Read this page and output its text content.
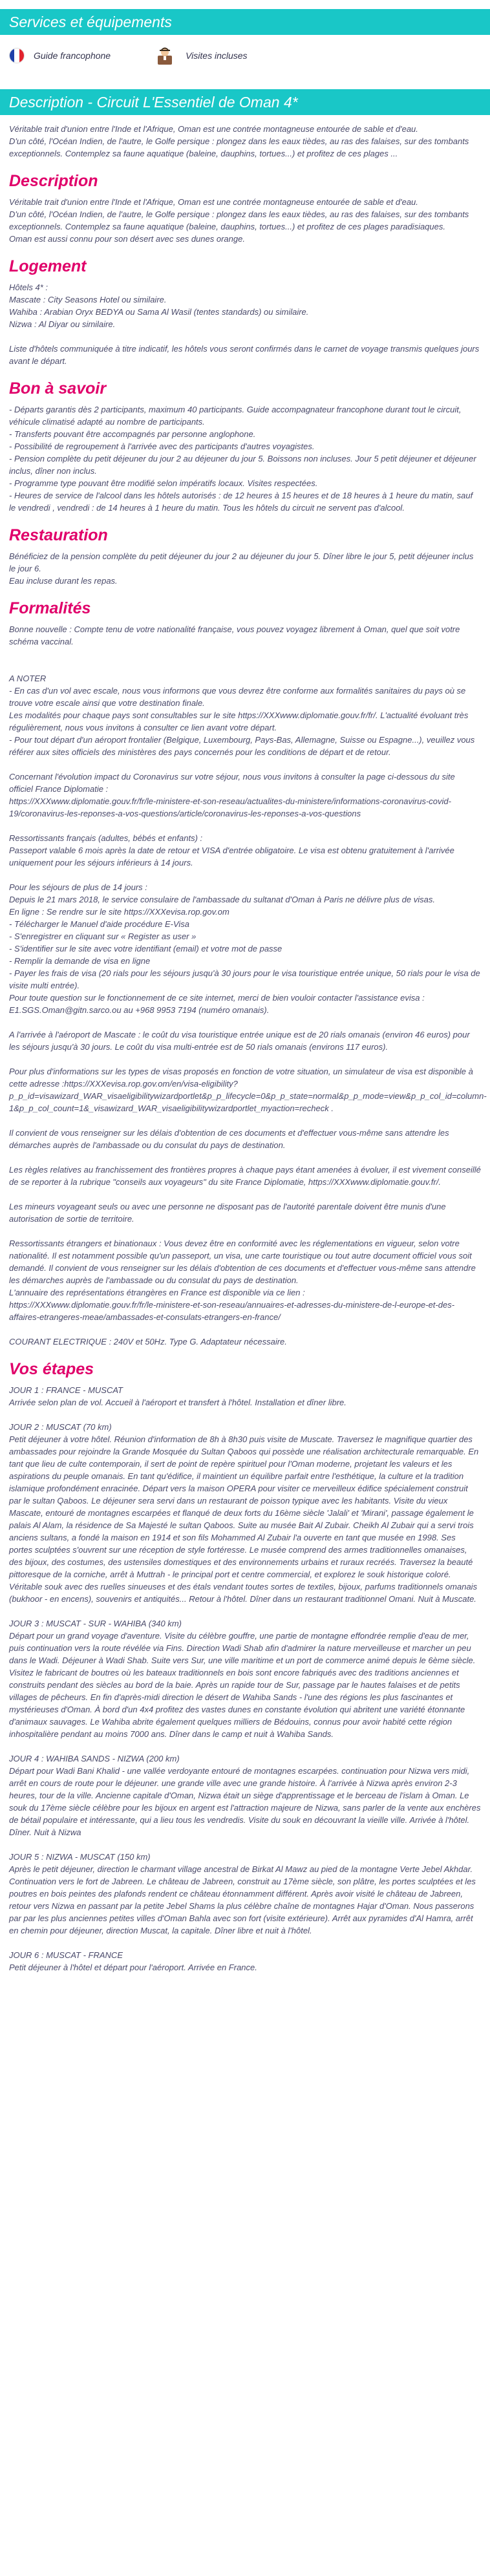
Services et équipements
Guide francophone	Visites incluses
Description - Circuit L'Essentiel de Oman 4*

Véritable trait d'union entre l'Inde et l'Afrique, Oman est une contrée montagneuse entourée de sable et d'eau.
D'un côté, l'Océan Indien, de l'autre, le Golfe persique : plongez dans les eaux tièdes, au ras des falaises, sur des tombants exceptionnels. Contemplez sa faune aquatique (baleine, dauphins, tortues...) et profitez de ces plages ...

Description

Véritable trait d'union entre l'Inde et l'Afrique, Oman est une contrée montagneuse entourée de sable et d'eau.
D'un côté, l'Océan Indien, de l'autre, le Golfe persique : plongez dans les eaux tièdes, au ras des falaises, sur des tombants exceptionnels. Contemplez sa faune aquatique (baleine, dauphins, tortues...) et profitez de ces plages paradisiaques.
Oman est aussi connu pour son désert avec ses dunes orange.

Logement

Hôtels 4* :
Mascate : City Seasons Hotel ou similaire.
Wahiba : Arabian Oryx BEDYA ou Sama Al Wasil (tentes standards) ou similaire.
Nizwa : Al Diyar ou similaire.

Liste d'hôtels communiquée à titre indicatif, les hôtels vous seront confirmés dans le carnet de voyage transmis quelques jours avant le départ.

Bon à savoir

- Départs garantis dès 2 participants, maximum 40 participants. Guide accompagnateur francophone durant tout le circuit, véhicule climatisé adapté au nombre de participants.
- Transferts pouvant être accompagnés par personne anglophone.
- Possibilité de regroupement à l'arrivée avec des participants d'autres voyagistes.
- Pension complète du petit déjeuner du jour 2 au déjeuner du jour 5. Boissons non incluses. Jour 5 petit déjeuner et déjeuner inclus, dîner non inclus.
- Programme type pouvant être modifié selon impératifs locaux. Visites respectées.
- Heures de service de l'alcool dans les hôtels autorisés : de 12 heures à 15 heures et de 18 heures à 1 heure du matin, sauf le vendredi , vendredi : de 14 heures à 1 heure du matin. Tous les hôtels du circuit ne servent pas d'alcool.

Restauration

Bénéficiez de la pension complète du petit déjeuner du jour 2 au déjeuner du jour 5. Dîner libre le jour 5, petit déjeuner inclus le jour 6.
Eau incluse durant les repas.

Formalités

Bonne nouvelle : Compte tenu de votre nationalité française, vous pouvez voyagez librement à Oman, quel que soit votre schéma vaccinal.

A NOTER
- En cas d'un vol avec escale, nous vous informons que vous devrez être conforme aux formalités sanitaires du pays où se trouve votre escale ainsi que votre destination finale.
Les modalités pour chaque pays sont consultables sur le site https://XXXwww.diplomatie.gouv.fr/fr/. L'actualité évoluant très régulièrement, nous vous invitons à consulter ce lien avant votre départ.
- Pour tout départ d'un aéroport frontalier (Belgique, Luxembourg, Pays-Bas, Allemagne, Suisse ou Espagne...), veuillez vous référer aux sites officiels des ministères des pays concernés pour les conditions de départ et de retour.

Concernant l'évolution impact du Coronavirus sur votre séjour, nous vous invitons à consulter la page ci-dessous du site officiel France Diplomatie :
https://XXXwww.diplomatie.gouv.fr/fr/le-ministere-et-son-reseau/actualites-du-ministere/informations-coronavirus-covid-19/coronavirus-les-reponses-a-vos-questions/article/coronavirus-les-reponses-a-vos-questions

Ressortissants français (adultes, bébés et enfants) :
Passeport valable 6 mois après la date de retour et VISA d'entrée obligatoire. Le visa est obtenu gratuitement à l'arrivée uniquement pour les séjours inférieurs à 14 jours.

Pour les séjours de plus de 14 jours :
Depuis le 21 mars 2018, le service consulaire de l'ambassade du sultanat d'Oman à Paris ne délivre plus de visas.
En ligne : Se rendre sur le site https://XXXevisa.rop.gov.om
- Télécharger le Manuel d'aide procédure E-Visa
- S'enregistrer en cliquant sur « Register as user »
- S'identifier sur le site avec votre identifiant (email) et votre mot de passe
- Remplir la demande de visa en ligne
- Payer les frais de visa (20 rials pour les séjours jusqu'à 30 jours pour le visa touristique entrée unique, 50 rials pour le visa de visite multi entrée).
Pour toute question sur le fonctionnement de ce site internet, merci de bien vouloir contacter l'assistance evisa :
E1.SGS.Oman@gitn.sarco.ou au +968 9953 7194 (numéro omanais).

A l'arrivée à l'aéroport de Mascate : le coût du visa touristique entrée unique est de 20 rials omanais (environ 46 euros) pour les séjours jusqu'à 30 jours. Le coût du visa multi-entrée est de 50 rials omanais (environs 117 euros).

Pour plus d'informations sur les types de visas proposés en fonction de votre situation, un simulateur de visa est disponible à cette adresse :https://XXXevisa.rop.gov.om/en/visa-eligibility?p_p_id=visawizard_WAR_visaeligibilitywizardportlet&p_p_lifecycle=0&p_p_state=normal&p_p_mode=view&p_p_col_id=column-1&p_p_col_count=1&_visawizard_WAR_visaeligibilitywizardportlet_myaction=recheck .

Il convient de vous renseigner sur les délais d'obtention de ces documents et d'effectuer vous-même sans attendre les démarches auprès de l'ambassade ou du consulat du pays de destination.

Les règles relatives au franchissement des frontières propres à chaque pays étant amenées à évoluer, il est vivement conseillé de se reporter à la rubrique "conseils aux voyageurs" du site France Diplomatie, https://XXXwww.diplomatie.gouv.fr/.

Les mineurs voyageant seuls ou avec une personne ne disposant pas de l'autorité parentale doivent être munis d'une autorisation de sortie de territoire.

Ressortissants étrangers et binationaux : Vous devez être en conformité avec les réglementations en vigueur, selon votre nationalité. Il est notamment possible qu'un passeport, un visa, une carte touristique ou tout autre document officiel vous soit demandé. Il convient de vous renseigner sur les délais d'obtention de ces documents et d'effectuer vous-même sans attendre les démarches auprès de l'ambassade ou du consulat du pays de destination.
L'annuaire des représentations étrangères en France est disponible via ce lien :
https://XXXwww.diplomatie.gouv.fr/fr/le-ministere-et-son-reseau/annuaires-et-adresses-du-ministere-de-l-europe-et-des-affaires-etrangeres-meae/ambassades-et-consulats-etrangers-en-france/

COURANT ELECTRIQUE : 240V et 50Hz. Type G. Adaptateur nécessaire.

Vos étapes

JOUR 1 : FRANCE - MUSCAT
Arrivée selon plan de vol. Accueil à l'aéroport et transfert à l'hôtel. Installation et dîner libre.

JOUR 2 : MUSCAT (70 km)
Petit déjeuner à votre hôtel. Réunion d'information de 8h à 8h30 puis visite de Muscate. Traversez le magnifique quartier des ambassades pour rejoindre la Grande Mosquée du Sultan Qaboos qui possède une réalisation architecturale remarquable. En tant que lieu de culte contemporain, il sert de point de repère spirituel pour l'Oman moderne, projetant les valeurs et les aspirations du peuple omanais. En tant qu'édifice, il maintient un équilibre parfait entre l'esthétique, la culture et la tradition islamique profondément enracinée. Départ vers la maison OPERA pour visiter ce merveilleux édifice spécialement construit par le sultan Qaboos. Le déjeuner sera servi dans un restaurant de poisson typique avec les habitants. Visite du vieux Mascate, entouré de montagnes escarpées et flanqué de deux forts du 16ème siècle 'Jalali' et 'Mirani', passage également le palais Al Alam, la résidence de Sa Majesté le sultan Qaboos. Suite au musée Bait Al Zubair. Cheikh Al Zubair qui a servi trois anciens sultans, a fondé la maison en 1914 et son fils Mohammed Al Zubair l'a ouverte en tant que musée en 1998. Ses portes sculptées s'ouvrent sur une réception de style fortéresse. Le musée comprend des armes traditionnelles omanaises, des bijoux, des costumes, des ustensiles domestiques et des environnements urbains et ruraux recréés. Traversez la beauté pittoresque de la corniche, arrêt à Muttrah - le principal port et centre commercial, et explorez le souk historique coloré. Véritable souk avec des ruelles sinueuses et des étals vendant toutes sortes de textiles, bijoux, parfums traditionnels omanais (bukhoor - en encens), souvenirs et antiquités... Retour à l'hôtel. Dîner dans un restaurant traditionnel Omani. Nuit à Muscate.

JOUR 3 : MUSCAT - SUR - WAHIBA (340 km)
Départ pour un grand voyage d'aventure. Visite du célèbre gouffre, une partie de montagne effondrée remplie d'eau de mer, puis continuation vers la route révélée via Fins. Direction Wadi Shab afin d'admirer la nature merveilleuse et marcher un peu dans le Wadi. Déjeuner à Wadi Shab. Suite vers Sur, une ville maritime et un port de commerce animé depuis le 6ème siècle. Visitez le fabricant de boutres où les bateaux traditionnels en bois sont encore fabriqués avec des traditions anciennes et construits pendant des siècles au bord de la baie. Après un rapide tour de Sur, passage par le hautes falaises et de petits villages de pêcheurs. En fin d'après-midi direction le désert de Wahiba Sands - l'une des régions les plus fascinantes et mystérieuses d'Oman. À bord d'un 4x4 profitez des vastes dunes en constante évolution qui abritent une variété étonnante d'animaux sauvages. Le Wahiba abrite également quelques milliers de Bédouins, connus pour avoir habité cette région inhospitalière pendant au moins 7000 ans. Dîner dans le camp et nuit à Wahiba Sands.

JOUR 4 : WAHIBA SANDS - NIZWA (200 km)
Départ pour Wadi Bani Khalid - une vallée verdoyante entouré de montagnes escarpées. continuation pour Nizwa vers midi, arrêt en cours de route pour le déjeuner. une grande ville avec une grande histoire. À l'arrivée à Nizwa après environ 2-3 heures, tour de la ville. Ancienne capitale d'Oman, Nizwa était un siège d'apprentissage et le berceau de l'islam à Oman. Le souk du 17ème siècle célèbre pour les bijoux en argent est l'attraction majeure de Nizwa, sans parler de la vente aux enchères de bétail populaire et intéressante, qui a lieu tous les vendredis. Visite du souk en découvrant la vieille ville. Arrivée à l'hôtel. Dîner. Nuit à Nizwa

JOUR 5 : NIZWA - MUSCAT (150 km)
Après le petit déjeuner, direction le charmant village ancestral de Birkat Al Mawz au pied de la montagne Verte Jebel Akhdar. Continuation vers le fort de Jabreen. Le château de Jabreen, construit au 17ème siècle, son plâtre, les portes sculptées et les poutres en bois peintes des plafonds rendent ce château étonnamment différent. Après avoir visité le château de Jabreen, retour vers Nizwa en passant par la petite Jebel Shams la plus célèbre chaîne de montagnes Hajar d'Oman. Nous passerons par par les plus anciennes petites villes d'Oman Bahla avec son fort (visite extérieure). Arrêt aux pyramides d'Al Hamra, arrêt en chemin pour déjeuner, direction Muscat, la capitale. Dîner libre et nuit à l'hôtel.

JOUR 6 : MUSCAT - FRANCE
Petit déjeuner à l'hôtel et départ pour l'aéroport. Arrivée en France.
